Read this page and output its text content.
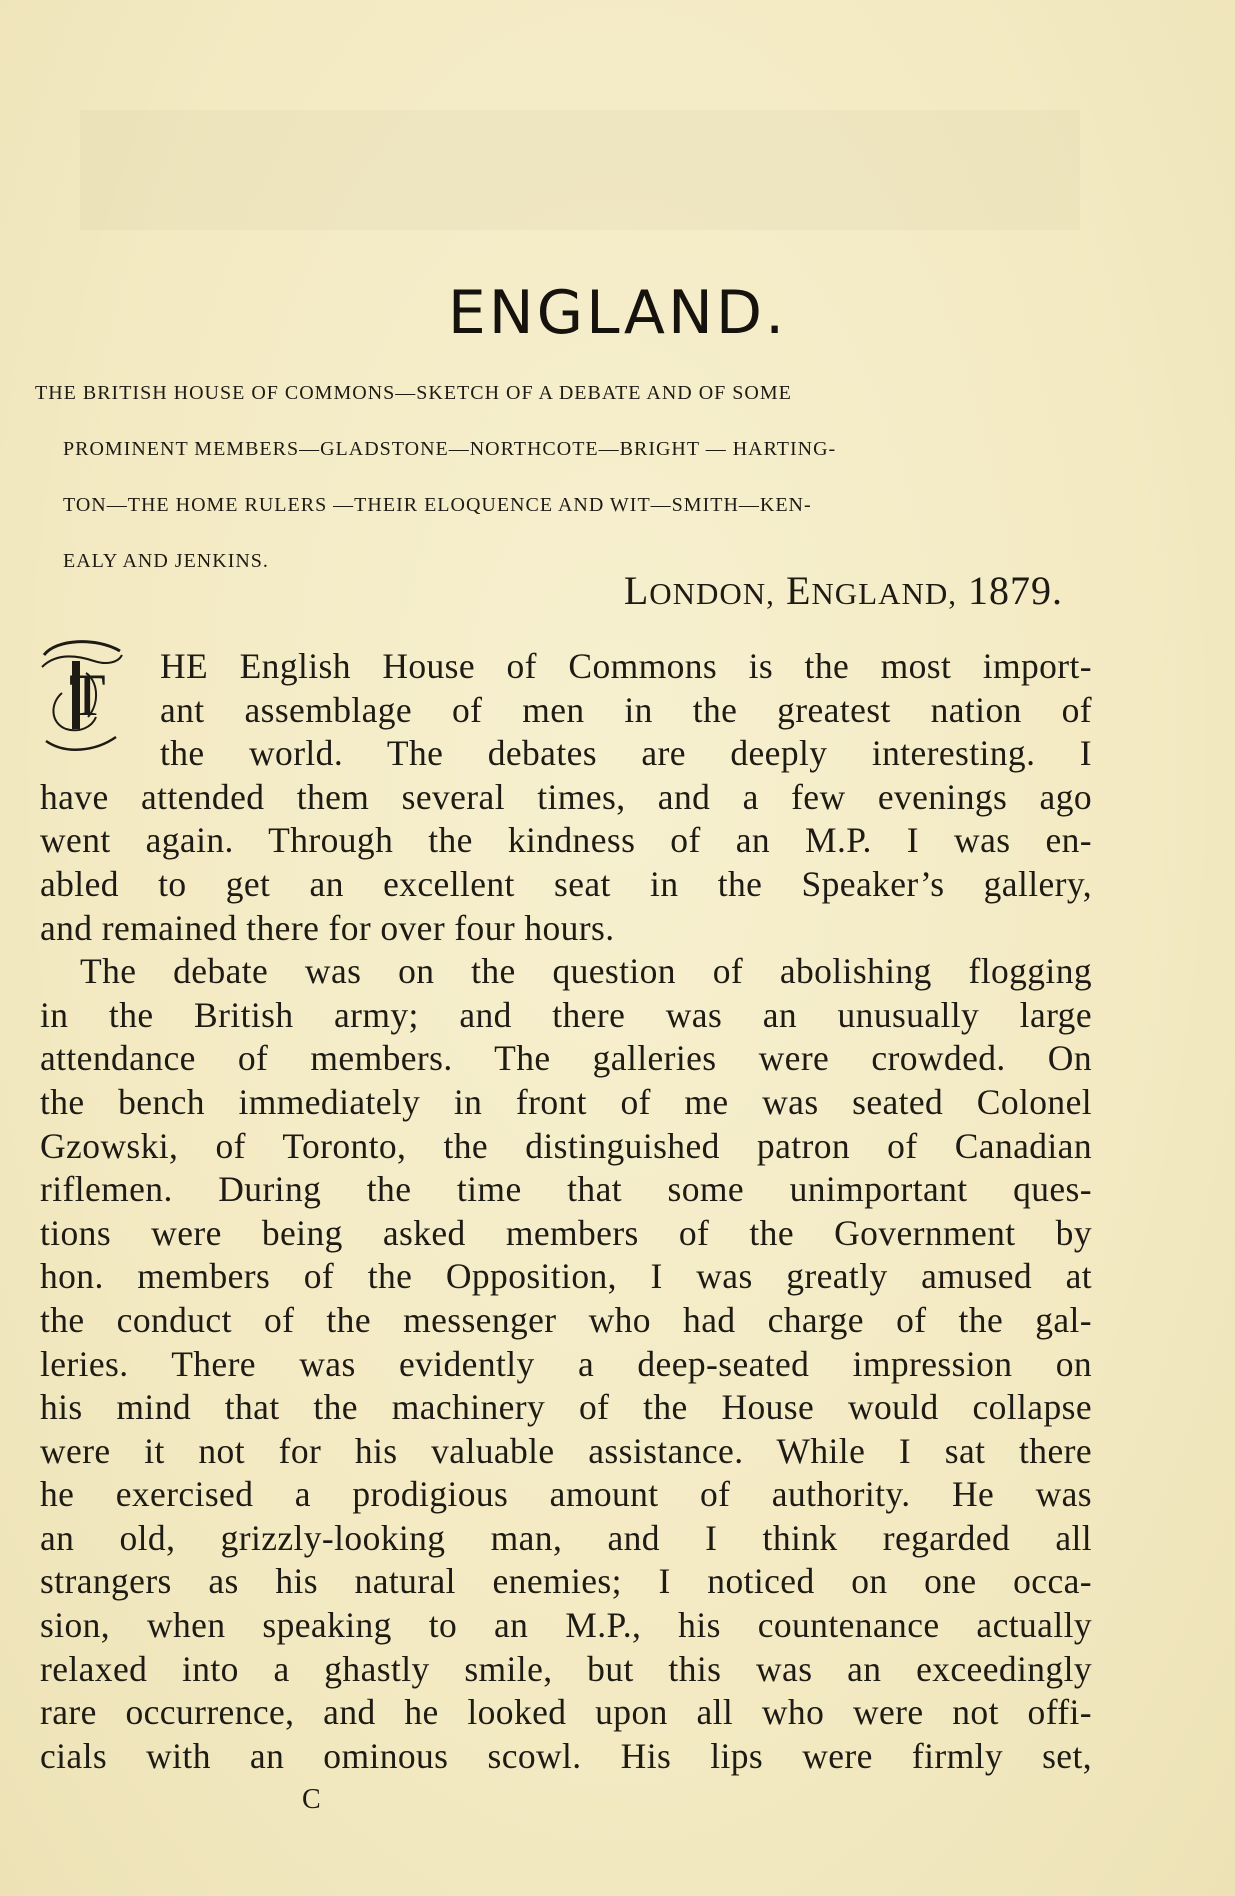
ENGLAND.
THE BRITISH HOUSE OF COMMONS—SKETCH OF A DEBATE AND OF SOME
PROMINENT MEMBERS—GLADSTONE—NORTHCOTE—BRIGHT — HARTING-
TON—THE HOME RULERS —THEIR ELOQUENCE AND WIT—SMITH—KEN-
EALY AND JENKINS.
LONDON, ENGLAND, 1879.
T	HE English House of Commons is the most import-
ant assemblage of men in the greatest nation of
the world. The debates are deeply interesting. I
have attended them several times, and a few evenings ago
went again. Through the kindness of an M.P. I was en-
abled to get an excellent seat in the Speaker’s gallery,
and remained there for over four hours.
The debate was on the question of abolishing flogging
in the British army; and there was an unusually large
attendance of members. The galleries were crowded. On
the bench immediately in front of me was seated Colonel
Gzowski, of Toronto, the distinguished patron of Canadian
riflemen. During the time that some unimportant ques-
tions were being asked members of the Government by
hon. members of the Opposition, I was greatly amused at
the conduct of the messenger who had charge of the gal-
leries. There was evidently a deep-seated impression on
his mind that the machinery of the House would collapse
were it not for his valuable assistance. While I sat there
he exercised a prodigious amount of authority. He was
an old, grizzly-looking man, and I think regarded all
strangers as his natural enemies; I noticed on one occa-
sion, when speaking to an M.P., his countenance actually
relaxed into a ghastly smile, but this was an exceedingly
rare occurrence, and he looked upon all who were not offi-
cials with an ominous scowl. His lips were firmly set,
C
